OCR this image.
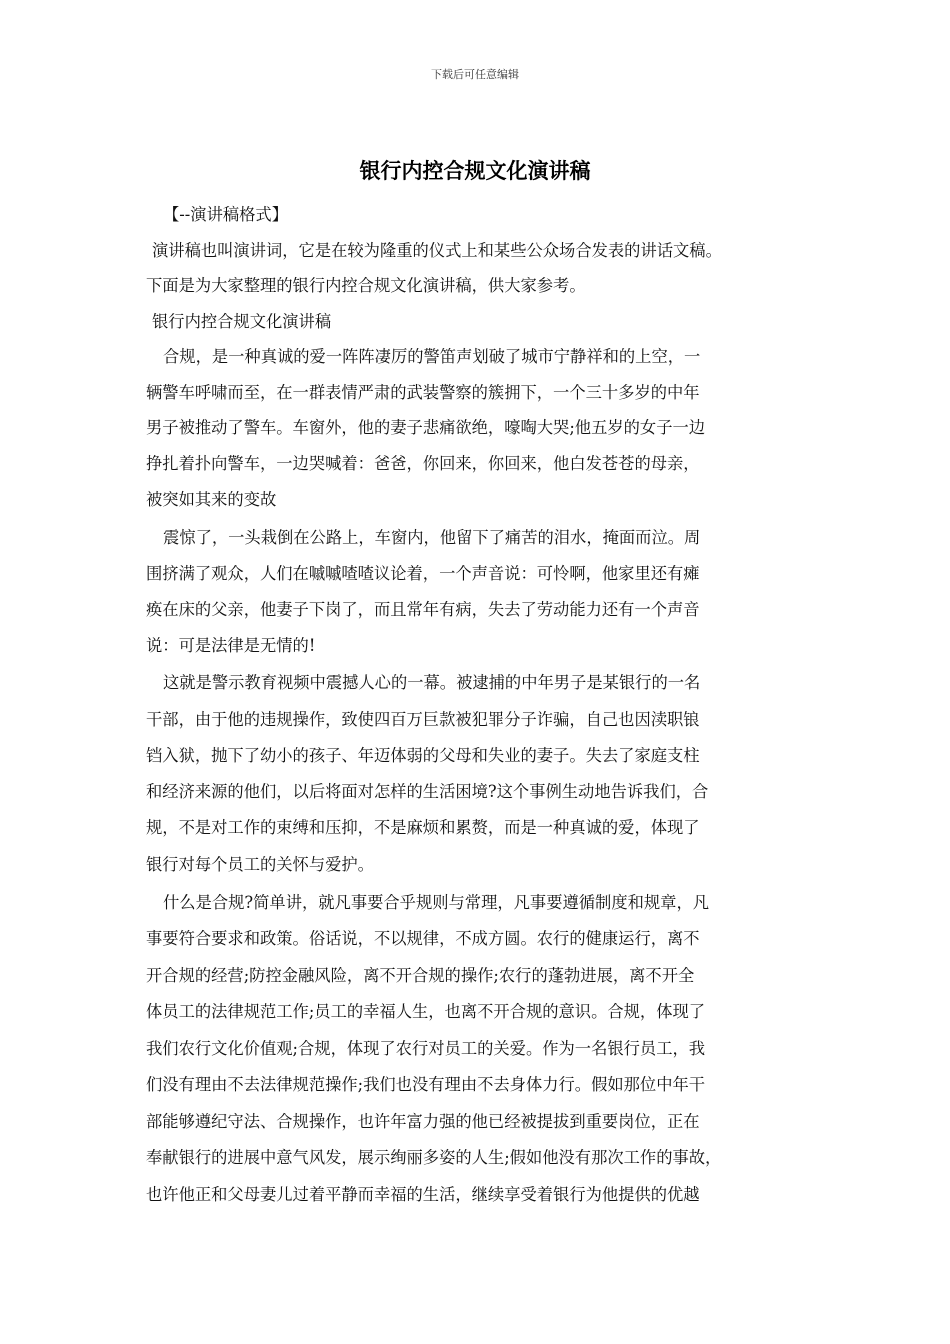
下载后可任意编辑
银行内控合规文化演讲稿
【--演讲稿格式】
演讲稿也叫演讲词，它是在较为隆重的仪式上和某些公众场合发表的讲话文稿。
下面是为大家整理的银行内控合规文化演讲稿，供大家参考。
银行内控合规文化演讲稿
合规，是一种真诚的爱一阵阵凄厉的警笛声划破了城市宁静祥和的上空，一
辆警车呼啸而至，在一群表情严肃的武装警察的簇拥下，一个三十多岁的中年
男子被推动了警车。车窗外，他的妻子悲痛欲绝，嚎啕大哭;他五岁的女子一边
挣扎着扑向警车，一边哭喊着：爸爸，你回来，你回来，他白发苍苍的母亲，
被突如其来的变故
震惊了，一头栽倒在公路上，车窗内，他留下了痛苦的泪水，掩面而泣。周
围挤满了观众，人们在嘁嘁喳喳议论着，一个声音说：可怜啊，他家里还有瘫
痪在床的父亲，他妻子下岗了，而且常年有病，失去了劳动能力还有一个声音
说：可是法律是无情的!
这就是警示教育视频中震撼人心的一幕。被逮捕的中年男子是某银行的一名
干部，由于他的违规操作，致使四百万巨款被犯罪分子诈骗，自己也因渎职锒
铛入狱，抛下了幼小的孩子、年迈体弱的父母和失业的妻子。失去了家庭支柱
和经济来源的他们，以后将面对怎样的生活困境?这个事例生动地告诉我们，合
规，不是对工作的束缚和压抑，不是麻烦和累赘，而是一种真诚的爱，体现了
银行对每个员工的关怀与爱护。
什么是合规?简单讲，就凡事要合乎规则与常理，凡事要遵循制度和规章，凡
事要符合要求和政策。俗话说，不以规律，不成方圆。农行的健康运行，离不
开合规的经营;防控金融风险，离不开合规的操作;农行的蓬勃进展，离不开全
体员工的法律规范工作;员工的幸福人生，也离不开合规的意识。合规，体现了
我们农行文化价值观;合规，体现了农行对员工的关爱。作为一名银行员工，我
们没有理由不去法律规范操作;我们也没有理由不去身体力行。假如那位中年干
部能够遵纪守法、合规操作，也许年富力强的他已经被提拔到重要岗位，正在
奉献银行的进展中意气风发，展示绚丽多姿的人生;假如他没有那次工作的事故，
也许他正和父母妻儿过着平静而幸福的生活，继续享受着银行为他提供的优越
